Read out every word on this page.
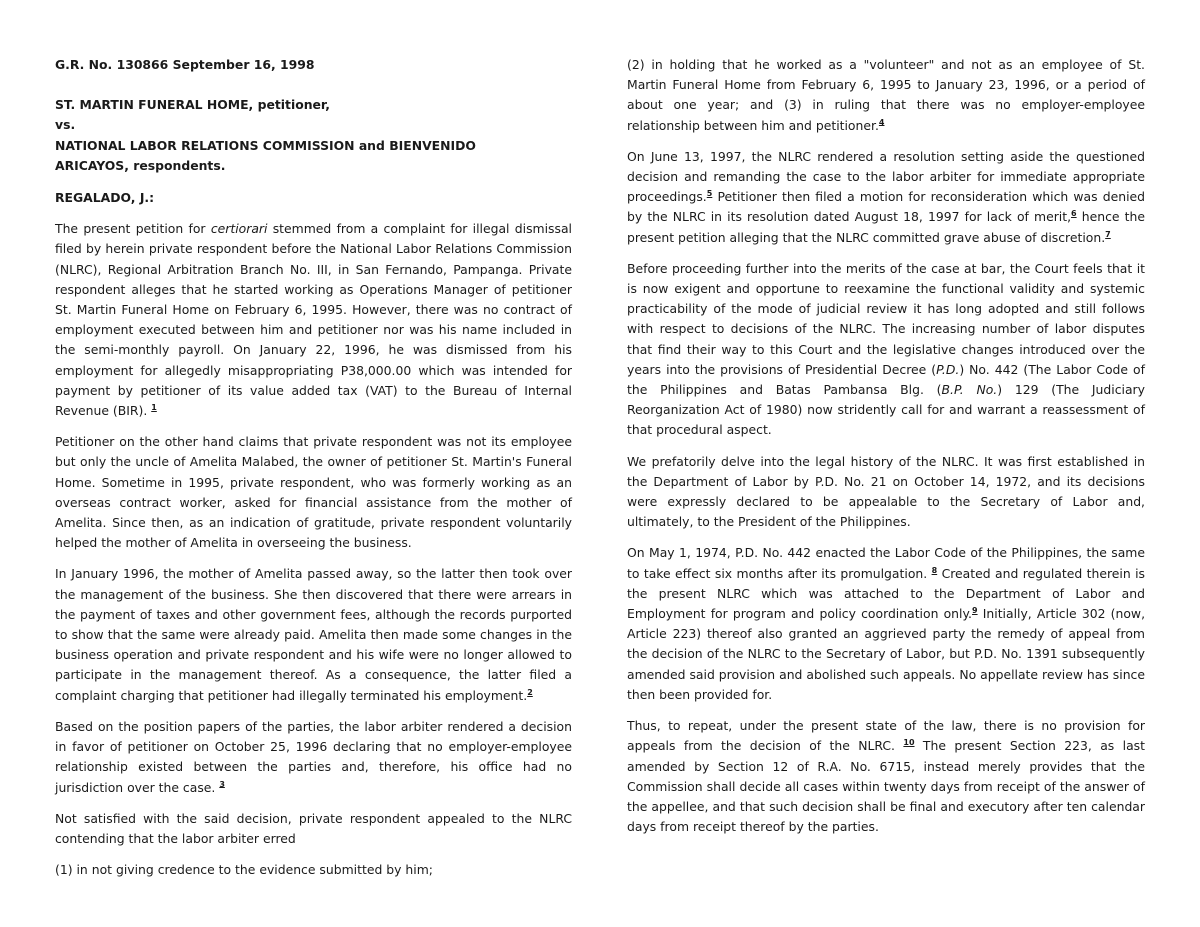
G.R. No. 130866 September 16, 1998

ST. MARTIN FUNERAL HOME, petitioner,
vs.
NATIONAL LABOR RELATIONS COMMISSION and BIENVENIDO
ARICAYOS, respondents.

REGALADO, J.:

The present petition for certiorari stemmed from a complaint for illegal dismissal filed by herein private respondent before the National Labor Relations Commission (NLRC), Regional Arbitration Branch No. III, in San Fernando, Pampanga. Private respondent alleges that he started working as Operations Manager of petitioner St. Martin Funeral Home on February 6, 1995. However, there was no contract of employment executed between him and petitioner nor was his name included in the semi-monthly payroll. On January 22, 1996, he was dismissed from his employment for allegedly misappropriating P38,000.00 which was intended for payment by petitioner of its value added tax (VAT) to the Bureau of Internal Revenue (BIR). $^1$

Petitioner on the other hand claims that private respondent was not its employee but only the uncle of Amelita Malabed, the owner of petitioner St. Martin's Funeral Home. Sometime in 1995, private respondent, who was formerly working as an overseas contract worker, asked for financial assistance from the mother of Amelita. Since then, as an indication of gratitude, private respondent voluntarily helped the mother of Amelita in overseeing the business.

In January 1996, the mother of Amelita passed away, so the latter then took over the management of the business. She then discovered that there were arrears in the payment of taxes and other government fees, although the records purported to show that the same were already paid. Amelita then made some changes in the business operation and private respondent and his wife were no longer allowed to participate in the management thereof. As a consequence, the latter filed a complaint charging that petitioner had illegally terminated his employment.$^2$

Based on the position papers of the parties, the labor arbiter rendered a decision in favor of petitioner on October 25, 1996 declaring that no employer-employee relationship existed between the parties and, therefore, his office had no jurisdiction over the case. $^3$

Not satisfied with the said decision, private respondent appealed to the NLRC contending that the labor arbiter erred

(1) in not giving credence to the evidence submitted by him;

(2) in holding that he worked as a "volunteer" and not as an employee of St. Martin Funeral Home from February 6, 1995 to January 23, 1996, or a period of about one year; and (3) in ruling that there was no employer-employee relationship between him and petitioner.$^4$

On June 13, 1997, the NLRC rendered a resolution setting aside the questioned decision and remanding the case to the labor arbiter for immediate appropriate proceedings.$^5$ Petitioner then filed a motion for reconsideration which was denied by the NLRC in its resolution dated August 18, 1997 for lack of merit,$^6$ hence the present petition alleging that the NLRC committed grave abuse of discretion.$^7$

Before proceeding further into the merits of the case at bar, the Court feels that it is now exigent and opportune to reexamine the functional validity and systemic practicability of the mode of judicial review it has long adopted and still follows with respect to decisions of the NLRC. The increasing number of labor disputes that find their way to this Court and the legislative changes introduced over the years into the provisions of Presidential Decree (P.D.) No. 442 (The Labor Code of the Philippines and Batas Pambansa Blg. (B.P. No.) 129 (The Judiciary Reorganization Act of 1980) now stridently call for and warrant a reassessment of that procedural aspect.

We prefatorily delve into the legal history of the NLRC. It was first established in the Department of Labor by P.D. No. 21 on October 14, 1972, and its decisions were expressly declared to be appealable to the Secretary of Labor and, ultimately, to the President of the Philippines.

On May 1, 1974, P.D. No. 442 enacted the Labor Code of the Philippines, the same to take effect six months after its promulgation. $^8$ Created and regulated therein is the present NLRC which was attached to the Department of Labor and Employment for program and policy coordination only.$^9$ Initially, Article 302 (now, Article 223) thereof also granted an aggrieved party the remedy of appeal from the decision of the NLRC to the Secretary of Labor, but P.D. No. 1391 subsequently amended said provision and abolished such appeals. No appellate review has since then been provided for.

Thus, to repeat, under the present state of the law, there is no provision for appeals from the decision of the NLRC. $^{10}$ The present Section 223, as last amended by Section 12 of R.A. No. 6715, instead merely provides that the Commission shall decide all cases within twenty days from receipt of the answer of the appellee, and that such decision shall be final and executory after ten calendar days from receipt thereof by the parties.
